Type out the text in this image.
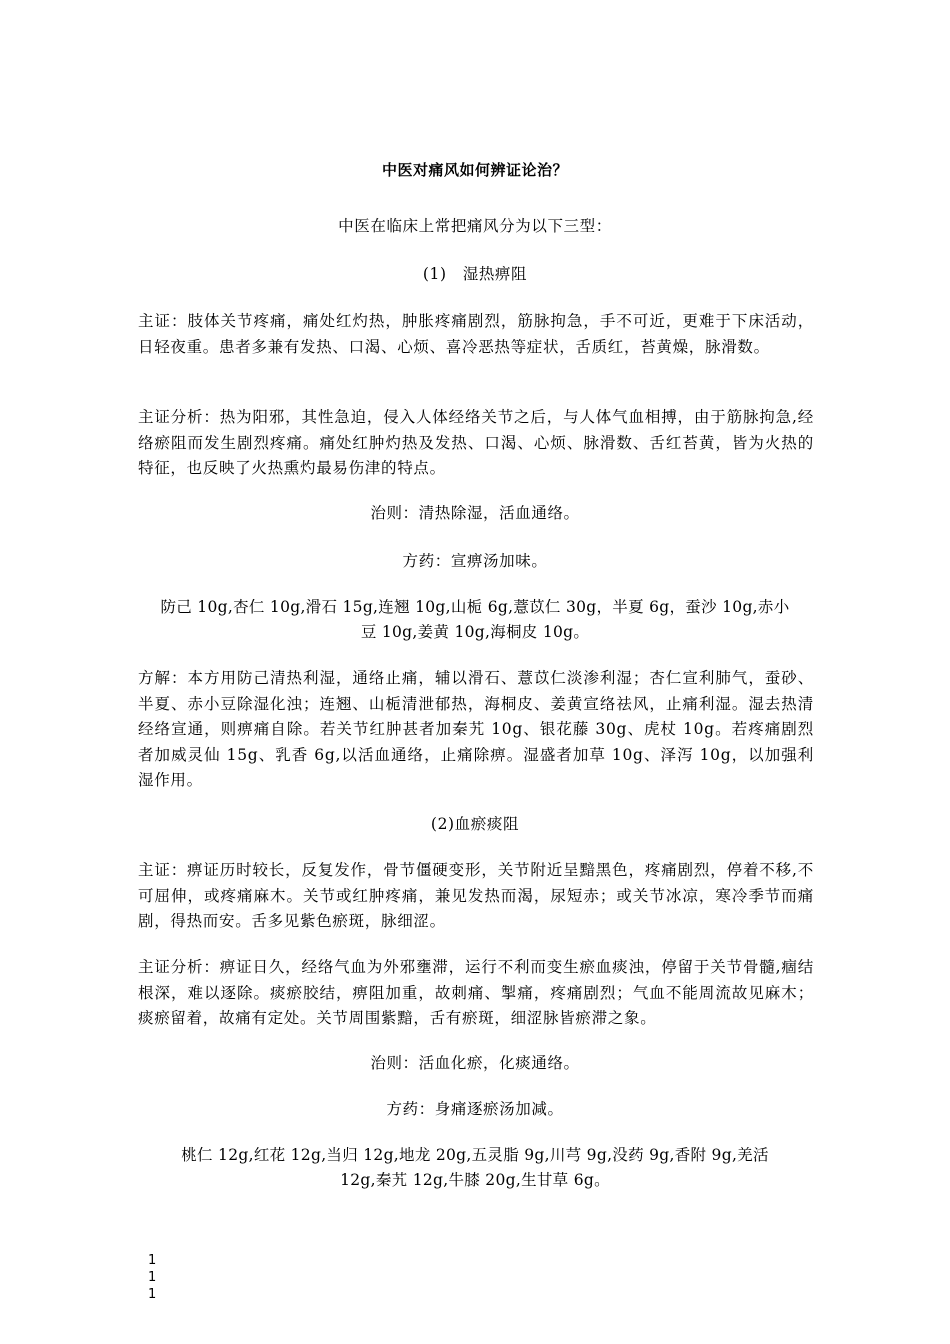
中医对痛风如何辨证论治？
中医在临床上常把痛风分为以下三型：
(1)　湿热痹阻
主证：肢体关节疼痛，痛处红灼热，肿胀疼痛剧烈，筋脉拘急，手不可近，更难于下床活动，日轻夜重。患者多兼有发热、口渴、心烦、喜冷恶热等症状，舌质红，苔黄燥，脉滑数。
主证分析：热为阳邪，其性急迫，侵入人体经络关节之后，与人体气血相搏，由于筋脉拘急,经络瘀阻而发生剧烈疼痛。痛处红肿灼热及发热、口渴、心烦、脉滑数、舌红苔黄，皆为火热的特征，也反映了火热熏灼最易伤津的特点。
治则：清热除湿，活血通络。
方药：宣痹汤加味。
防己 10g,杏仁 10g,滑石 15g,连翘 10g,山栀 6g,薏苡仁 30g，半夏 6g，蚕沙 10g,赤小
豆 10g,姜黄 10g,海桐皮 10g。
方解：本方用防己清热利湿，通络止痛，辅以滑石、薏苡仁淡渗利湿；杏仁宣利肺气，蚕砂、半夏、赤小豆除湿化浊；连翘、山栀清泄郁热，海桐皮、姜黄宣络祛风，止痛利湿。湿去热清经络宣通，则痹痛自除。若关节红肿甚者加秦艽 10g、银花藤 30g、虎杖 10g。若疼痛剧烈者加威灵仙 15g、乳香 6g,以活血通络，止痛除痹。湿盛者加草 10g、泽泻 10g，以加强利湿作用。
(2)血瘀痰阻
主证：痹证历时较长，反复发作，骨节僵硬变形，关节附近呈黯黑色，疼痛剧烈，停着不移,不可屈伸，或疼痛麻木。关节或红肿疼痛，兼见发热而渴，尿短赤；或关节冰凉，寒冷季节而痛剧，得热而安。舌多见紫色瘀斑，脉细涩。
主证分析：痹证日久，经络气血为外邪壅滞，运行不利而变生瘀血痰浊，停留于关节骨髓,痼结根深，难以逐除。痰瘀胶结，痹阻加重，故刺痛、掣痛，疼痛剧烈；气血不能周流故见麻木；痰瘀留着，故痛有定处。关节周围紫黯，舌有瘀斑，细涩脉皆瘀滞之象。
治则：活血化瘀，化痰通络。
方药：身痛逐瘀汤加减。
桃仁 12g,红花 12g,当归 12g,地龙 20g,五灵脂 9g,川芎 9g,没药 9g,香附 9g,羌活
12g,秦艽 12g,牛膝 20g,生甘草 6g。
1
1
1
